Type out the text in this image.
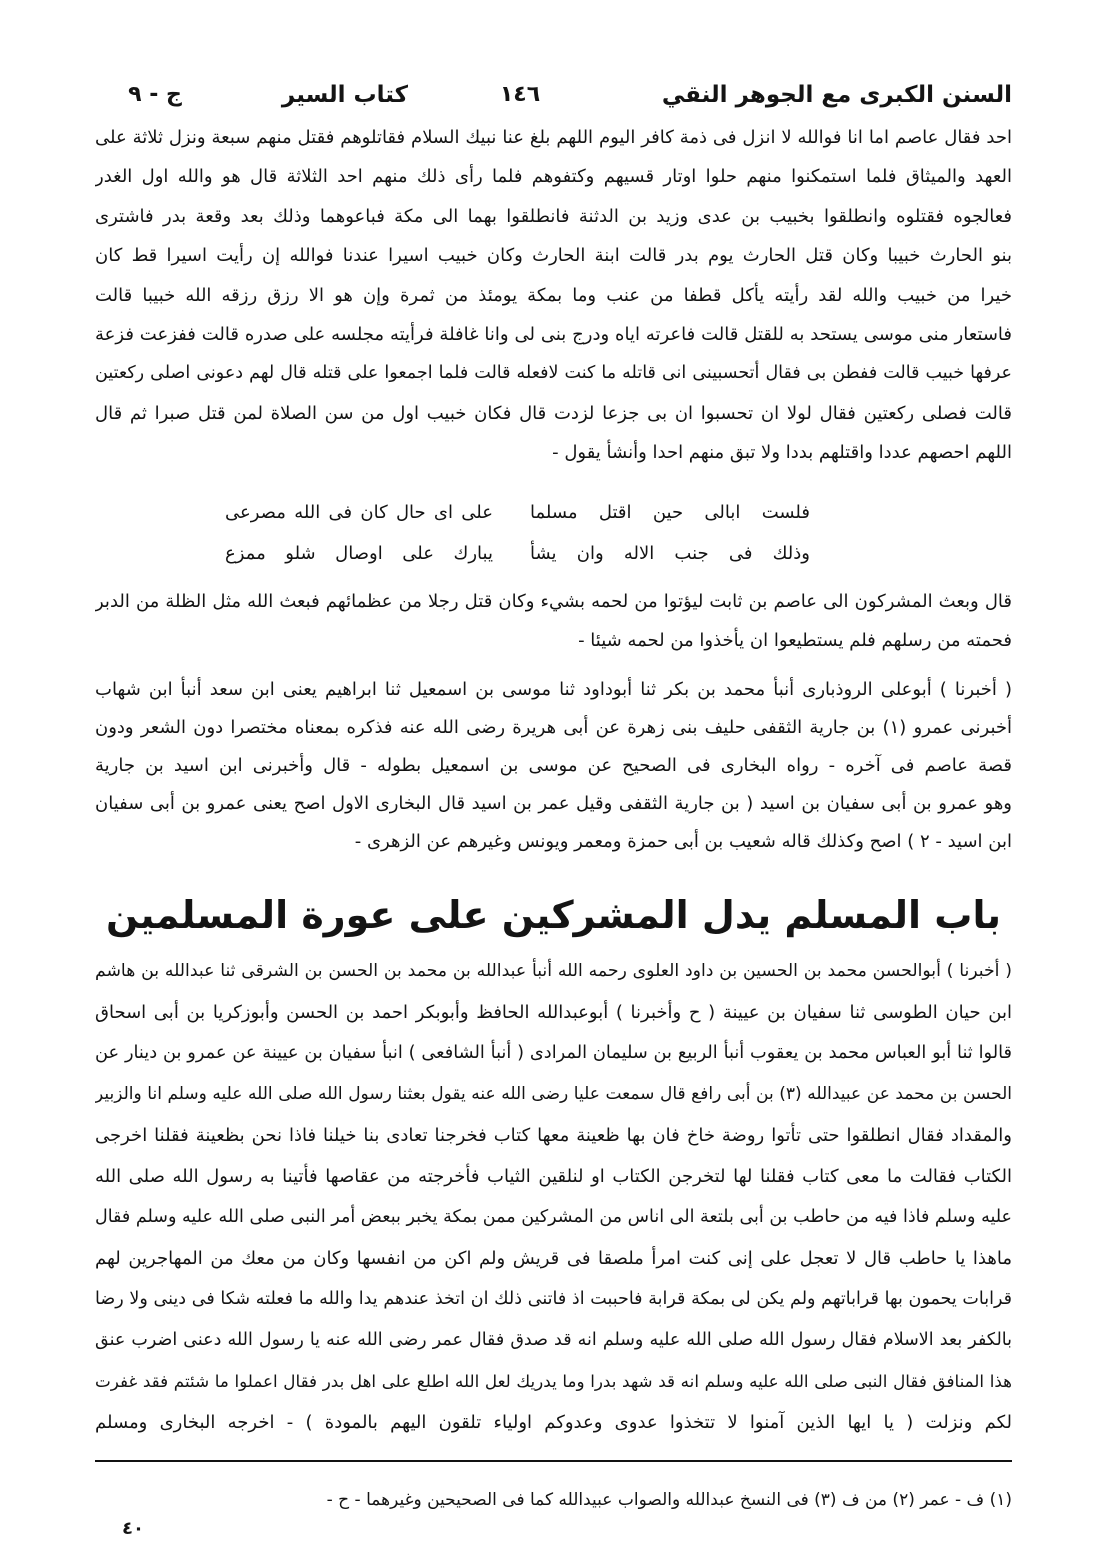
السنن الكبرى مع الجوهر النقي
١٤٦
كتاب السير
ج - ٩
احد فقال عاصم اما انا فوالله لا انزل فى ذمة كافر اليوم اللهم بلغ عنا نبيك السلام فقاتلوهم فقتل منهم سبعة ونزل ثلاثة على
العهد والميثاق فلما استمكنوا منهم حلوا اوتار قسيهم وكتفوهم فلما رأى ذلك منهم احد الثلاثة قال هو والله اول الغدر
فعالجوه فقتلوه وانطلقوا بخبيب بن عدى وزيد بن الدثنة فانطلقوا بهما الى مكة فباعوهما وذلك بعد وقعة بدر فاشترى
بنو الحارث خبيبا وكان قتل الحارث يوم بدر قالت ابنة الحارث وكان خبيب اسيرا عندنا فوالله إن رأيت اسيرا قط كان
خيرا من خبيب والله لقد رأيته يأكل قطفا من عنب وما بمكة يومئذ من ثمرة وإن هو الا رزق رزقه الله خبيبا قالت
فاستعار منى موسى يستحد به للقتل قالت فاعرته اياه ودرج بنى لى وانا غافلة فرأيته مجلسه على صدره قالت ففزعت فزعة
عرفها خبيب قالت ففطن بى فقال أتحسبينى انى قاتله ما كنت لافعله قالت فلما اجمعوا على قتله قال لهم دعونى اصلى ركعتين
قالت فصلى ركعتين فقال لولا ان تحسبوا ان بى جزعا لزدت قال فكان خبيب اول من سن الصلاة لمن قتل صبرا ثم قال
اللهم احصهم عددا واقتلهم بددا ولا تبق منهم احدا وأنشأ يقول -
فلست ابالى حين اقتل مسلما
على اى حال كان فى الله مصرعى
وذلك فى جنب الاله وان يشأ
يبارك على اوصال شلو ممزع
قال وبعث المشركون الى عاصم بن ثابت ليؤتوا من لحمه بشيء وكان قتل رجلا من عظمائهم فبعث الله مثل الظلة من الدبر
فحمته من رسلهم فلم يستطيعوا ان يأخذوا من لحمه شيئا -
( أخبرنا ) أبوعلى الروذبارى أنبأ محمد بن بكر ثنا أبوداود ثنا موسى بن اسمعيل ثنا ابراهيم يعنى ابن سعد أنبأ ابن شهاب
أخبرنى عمرو (١) بن جارية الثقفى حليف بنى زهرة عن أبى هريرة رضى الله عنه فذكره بمعناه مختصرا دون الشعر ودون
قصة عاصم فى آخره - رواه البخارى فى الصحيح عن موسى بن اسمعيل بطوله - قال وأخبرنى ابن اسيد بن جارية
وهو عمرو بن أبى سفيان بن اسيد ( بن جارية الثقفى وقيل عمر بن اسيد قال البخارى الاول اصح يعنى عمرو بن أبى سفيان
ابن اسيد - ٢ ) اصح وكذلك قاله شعيب بن أبى حمزة ومعمر ويونس وغيرهم عن الزهرى -
باب المسلم يدل المشركين على عورة المسلمين
( أخبرنا ) أبوالحسن محمد بن الحسين بن داود العلوى رحمه الله أنبأ عبدالله بن محمد بن الحسن بن الشرقى ثنا عبدالله بن هاشم
ابن حيان الطوسى ثنا سفيان بن عيينة ( ح وأخبرنا ) أبوعبدالله الحافظ وأبوبكر احمد بن الحسن وأبوزكريا بن أبى اسحاق
قالوا ثنا أبو العباس محمد بن يعقوب أنبأ الربيع بن سليمان المرادى ( أنبأ الشافعى ) انبأ سفيان بن عيينة عن عمرو بن دينار عن
الحسن بن محمد عن عبيدالله (٣) بن أبى رافع قال سمعت عليا رضى الله عنه يقول بعثنا رسول الله صلى الله عليه وسلم انا والزبير
والمقداد فقال انطلقوا حتى تأتوا روضة خاخ فان بها ظعينة معها كتاب فخرجنا تعادى بنا خيلنا فاذا نحن بظعينة فقلنا اخرجى
الكتاب فقالت ما معى كتاب فقلنا لها لتخرجن الكتاب او لنلقين الثياب فأخرجته من عقاصها فأتينا به رسول الله صلى الله
عليه وسلم فاذا فيه من حاطب بن أبى بلتعة الى اناس من المشركين ممن بمكة يخبر ببعض أمر النبى صلى الله عليه وسلم فقال
ماهذا يا حاطب قال لا تعجل على إنى كنت امرأ ملصقا فى قريش ولم اكن من انفسها وكان من معك من المهاجرين لهم
قرابات يحمون بها قراباتهم ولم يكن لى بمكة قرابة فاحببت اذ فاتنى ذلك ان اتخذ عندهم يدا والله ما فعلته شكا فى دينى ولا رضا
بالكفر بعد الاسلام فقال رسول الله صلى الله عليه وسلم انه قد صدق فقال عمر رضى الله عنه يا رسول الله دعنى اضرب عنق
هذا المنافق فقال النبى صلى الله عليه وسلم انه قد شهد بدرا وما يدريك لعل الله اطلع على اهل بدر فقال اعملوا ما شئتم فقد غفرت
لكم ونزلت ( يا ايها الذين آمنوا لا تتخذوا عدوى وعدوكم اولياء تلقون اليهم بالمودة ) - اخرجه البخارى ومسلم
(١) ف - عمر (٢) من ف (٣) فى النسخ عبدالله والصواب عبيدالله كما فى الصحيحين وغيرهما - ح -
٤٠
